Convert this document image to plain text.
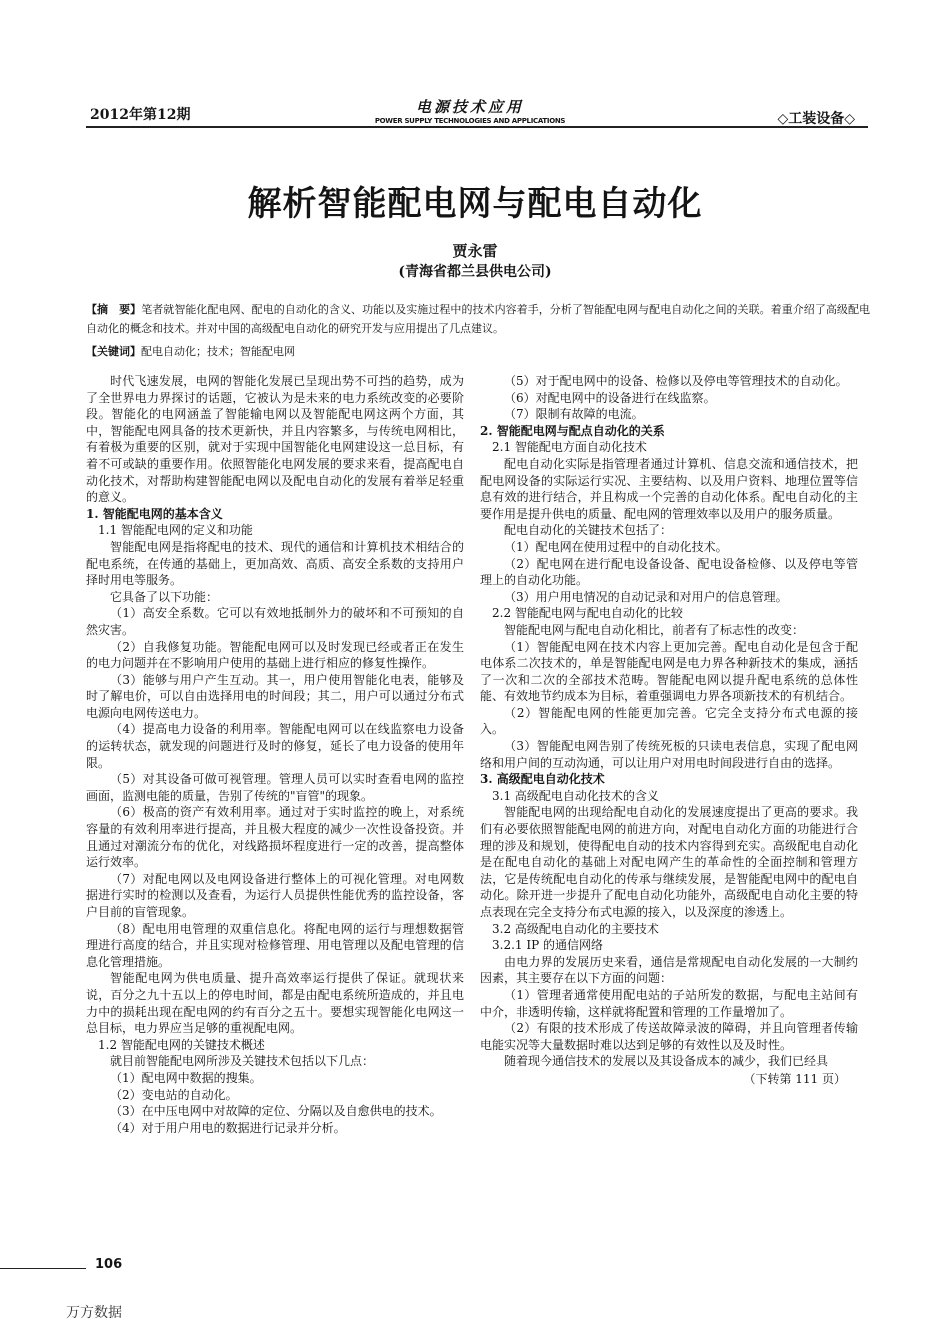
2012年第12期	电源技术应用
POWER SUPPLY TECHNOLOGIES AND APPLICATIONS	◇工装设备◇
解析智能配电网与配电自动化
贾永雷
(青海省都兰县供电公司)
【摘　要】笔者就智能化配电网、配电的自动化的含义、功能以及实施过程中的技术内容着手，分析了智能配电网与配电自动化之间的关联。着重介绍了高级配电自动化的概念和技术。并对中国的高级配电自动化的研究开发与应用提出了几点建议。
【关键词】配电自动化；技术；智能配电网

时代飞速发展，电网的智能化发展已呈现出势不可挡的趋势，成为了全世界电力界探讨的话题，它被认为是未来的电力系统改变的必要阶段。智能化的电网涵盖了智能输电网以及智能配电网这两个方面，其中，智能配电网具备的技术更新快，并且内容繁多，与传统电网相比，有着极为重要的区别，就对于实现中国智能化电网建设这一总目标，有着不可或缺的重要作用。依照智能化电网发展的要求来看，提高配电自动化技术，对帮助构建智能配电网以及配电自动化的发展有着举足轻重的意义。

1. 智能配电网的基本含义

1.1 智能配电网的定义和功能

智能配电网是指将配电的技术、现代的通信和计算机技术相结合的配电系统，在传通的基础上，更加高效、高质、高安全系数的支持用户择时用电等服务。

它具备了以下功能：

（1）高安全系数。它可以有效地抵制外力的破坏和不可预知的自然灾害。

（2）自我修复功能。智能配电网可以及时发现已经或者正在发生的电力问题并在不影响用户使用的基础上进行相应的修复性操作。

（3）能够与用户产生互动。其一，用户使用智能化电表，能够及时了解电价，可以自由选择用电的时间段；其二，用户可以通过分布式电源向电网传送电力。

（4）提高电力设备的利用率。智能配电网可以在线监察电力设备的运转状态，就发现的问题进行及时的修复，延长了电力设备的使用年限。

（5）对其设备可做可视管理。管理人员可以实时查看电网的监控画面，监测电能的质量，告别了传统的"盲管"的现象。

（6）极高的资产有效利用率。通过对于实时监控的晚上，对系统容量的有效利用率进行提高，并且极大程度的减少一次性设备投资。并且通过对潮流分布的优化，对线路损坏程度进行一定的改善，提高整体运行效率。

（7）对配电网以及电网设备进行整体上的可视化管理。对电网数据进行实时的检测以及查看，为运行人员提供性能优秀的监控设备，客户目前的盲管现象。

（8）配电用电管理的双重信息化。将配电网的运行与理想数据管理进行高度的结合，并且实现对检修管理、用电管理以及配电管理的信息化管理措施。

智能配电网为供电质量、提升高效率运行提供了保证。就现状来说，百分之九十五以上的停电时间，都是由配电系统所造成的，并且电力中的损耗出现在配电网的约有百分之五十。要想实现智能化电网这一总目标，电力界应当足够的重视配电网。

1.2 智能配电网的关键技术概述

就目前智能配电网所涉及关键技术包括以下几点：

（1）配电网中数据的搜集。

（2）变电站的自动化。

（3）在中压电网中对故障的定位、分隔以及自愈供电的技术。

（4）对于用户用电的数据进行记录并分析。

（5）对于配电网中的设备、检修以及停电等管理技术的自动化。

（6）对配电网中的设备进行在线监察。

（7）限制有故障的电流。

2. 智能配电网与配点自动化的关系

2.1 智能配电方面自动化技术

配电自动化实际是指管理者通过计算机、信息交流和通信技术，把配电网设备的实际运行实况、主要结构、以及用户资料、地理位置等信息有效的进行结合，并且构成一个完善的自动化体系。配电自动化的主要作用是提升供电的质量、配电网的管理效率以及用户的服务质量。

配电自动化的关键技术包括了：

（1）配电网在使用过程中的自动化技术。

（2）配电网在进行配电设备设备、配电设备检修、以及停电等管理上的自动化功能。

（3）用户用电情况的自动记录和对用户的信息管理。

2.2 智能配电网与配电自动化的比较

智能配电网与配电自动化相比，前者有了标志性的改变：

（1）智能配电网在技术内容上更加完善。配电自动化是包含于配电体系二次技术的，单是智能配电网是电力界各种新技术的集成，涵括了一次和二次的全部技术范畴。智能配电网以提升配电系统的总体性能、有效地节约成本为目标，着重强调电力界各项新技术的有机结合。

（2）智能配电网的性能更加完善。它完全支持分布式电源的接入。

（3）智能配电网告别了传统死板的只读电表信息，实现了配电网络和用户间的互动沟通，可以让用户对用电时间段进行自由的选择。

3. 高级配电自动化技术

3.1 高级配电自动化技术的含义

智能配电网的出现给配电自动化的发展速度提出了更高的要求。我们有必要依照智能配电网的前进方向，对配电自动化方面的功能进行合理的涉及和规划，使得配电自动的技术内容得到充实。高级配电自动化是在配电自动化的基础上对配电网产生的革命性的全面控制和管理方法，它是传统配电自动化的传承与继续发展，是智能配电网中的配电自动化。除开进一步提升了配电自动化功能外，高级配电自动化主要的特点表现在完全支持分布式电源的接入，以及深度的渗透上。

3.2 高级配电自动化的主要技术

3.2.1 IP 的通信网络

由电力界的发展历史来看，通信是常规配电自动化发展的一大制约因素，其主要存在以下方面的问题：

（1）管理者通常使用配电站的子站所发的数据，与配电主站间有中介，非透明传输，这样就将配置和管理的工作量增加了。

（2）有限的技术形成了传送故障录波的障碍，并且向管理者传输电能实况等大量数据时难以达到足够的有效性以及及时性。

随着现今通信技术的发展以及其设备成本的减少，我们已经具

（下转第 111 页）

106
万方数据
